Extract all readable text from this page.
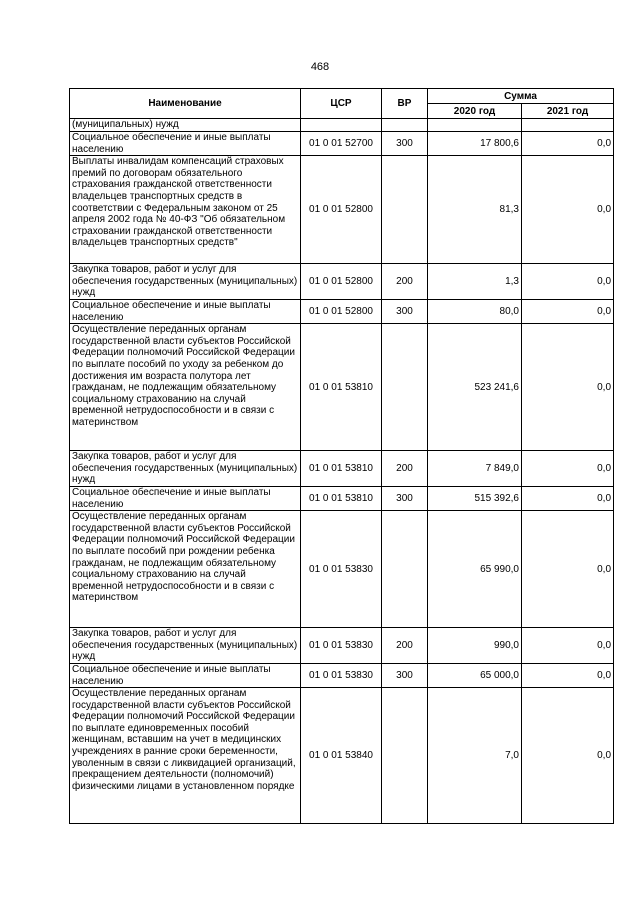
468
Наименование	ЦСР	ВР	Сумма	
			2020 год	2021 год
(муниципальных) нужд				
Социальное обеспечение и иные выплаты населению	01 0 01 52700	300	17 800,6	0,0
Выплаты инвалидам компенсаций страховых премий по договорам обязательного страхования гражданской ответственности владельцев транспортных средств в соответствии с Федеральным законом от 25 апреля 2002 года № 40-ФЗ "Об обязательном страховании гражданской ответственности владельцев транспортных средств"	01 0 01 52800		81,3	0,0
Закупка товаров, работ и услуг для обеспечения государственных (муниципальных) нужд	01 0 01 52800	200	1,3	0,0
Социальное обеспечение и иные выплаты населению	01 0 01 52800	300	80,0	0,0
Осуществление переданных органам государственной власти субъектов Российской Федерации полномочий Российской Федерации по выплате пособий по уходу за ребенком до достижения им возраста полутора лет гражданам, не подлежащим обязательному социальному страхованию на случай временной нетрудоспособности и в связи с материнством	01 0 01 53810		523 241,6	0,0
Закупка товаров, работ и услуг для обеспечения государственных (муниципальных) нужд	01 0 01 53810	200	7 849,0	0,0
Социальное обеспечение и иные выплаты населению	01 0 01 53810	300	515 392,6	0,0
Осуществление переданных органам государственной власти субъектов Российской Федерации полномочий Российской Федерации по выплате пособий при рождении ребенка гражданам, не подлежащим обязательному социальному страхованию на случай временной нетрудоспособности и в связи с материнством	01 0 01 53830		65 990,0	0,0
Закупка товаров, работ и услуг для обеспечения государственных (муниципальных) нужд	01 0 01 53830	200	990,0	0,0
Социальное обеспечение и иные выплаты населению	01 0 01 53830	300	65 000,0	0,0
Осуществление переданных органам государственной власти субъектов Российской Федерации полномочий Российской Федерации по выплате единовременных пособий женщинам, вставшим на учет в медицинских учреждениях в ранние сроки беременности, уволенным в связи с ликвидацией организаций, прекращением деятельности (полномочий) физическими лицами в установленном порядке	01 0 01 53840		7,0	0,0
